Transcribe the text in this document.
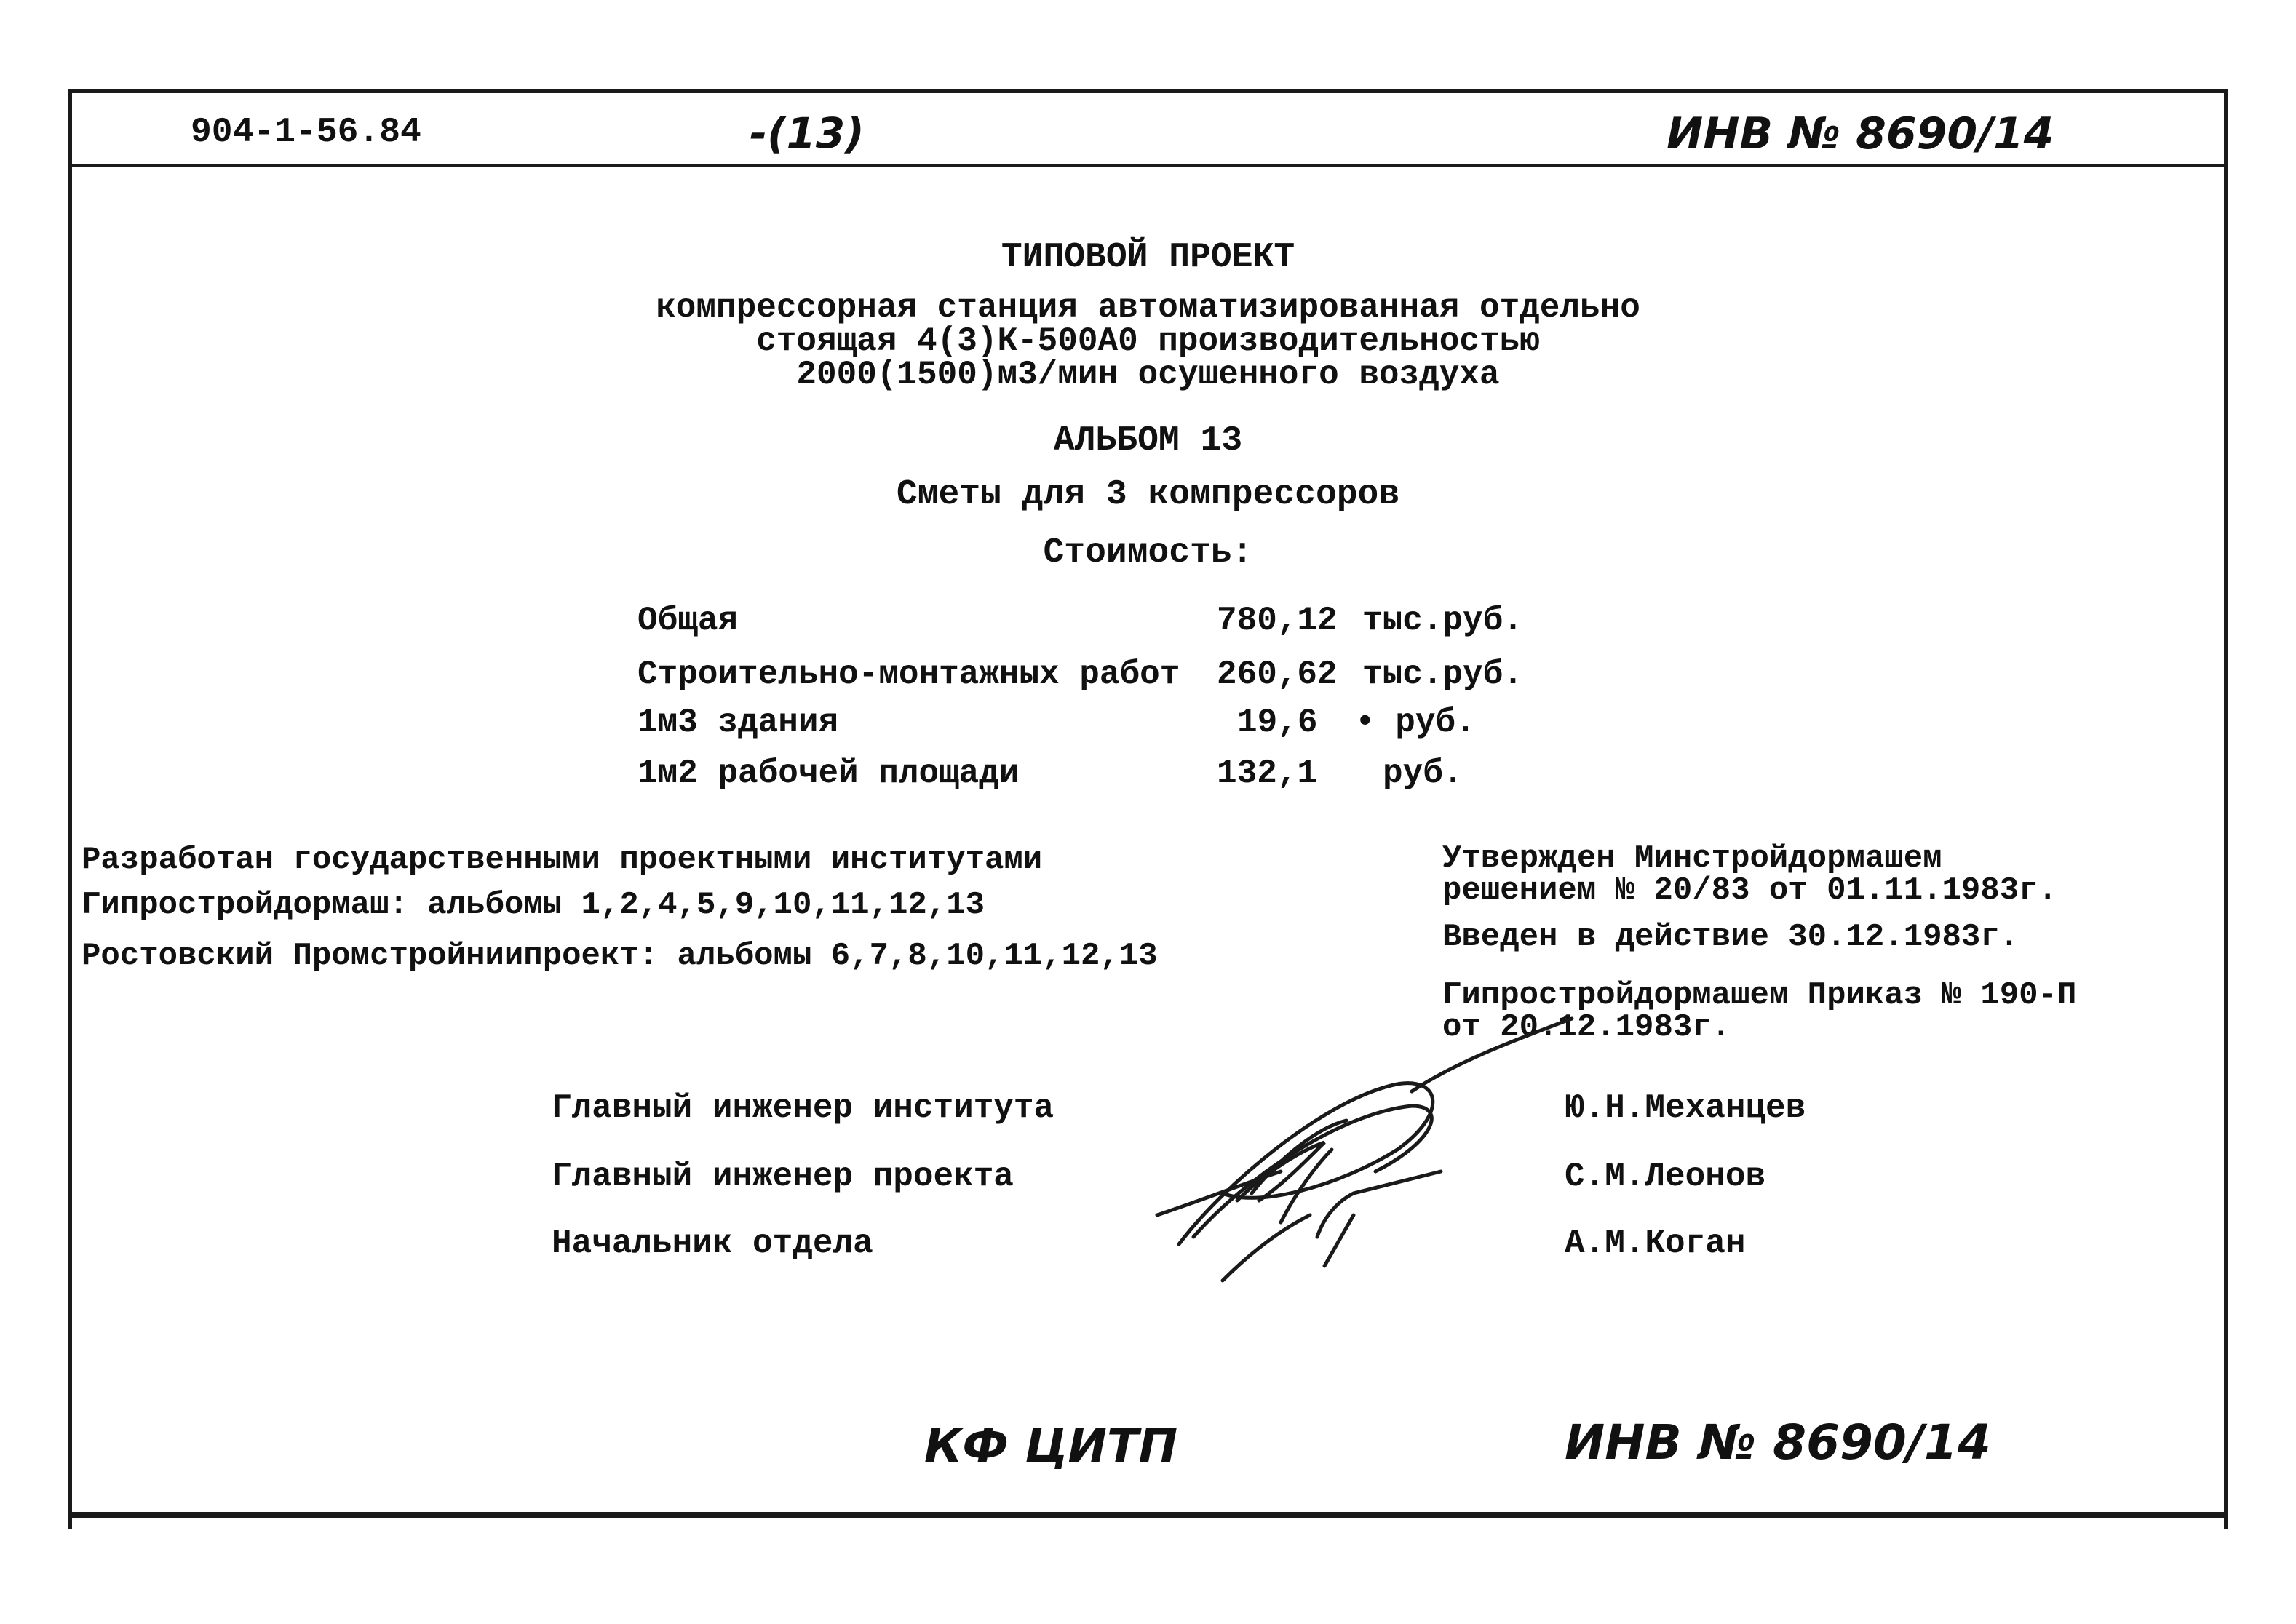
904-1-56.84	-(13)	ИНВ № 8690/14
ТИПОВОЙ ПРОЕКТ
компрессорная станция автоматизированная отдельно
стоящая 4(3)К-500А0 производительностью
2000(1500)м3/мин осушенного воздуха
АЛЬБОМ 13
Сметы для 3 компрессоров
Стоимость:
Общая	780,12 тыс.руб.
Строительно-монтажных работ 260,62 тыс.руб.
1м3 здания	19,6 • руб.
1м2 рабочей площади	132,1 руб.
Разработан государственными проектными институтами
Гипростройдормаш: альбомы 1,2,4,5,9,10,11,12,13
Ростовский Промстройниипроект: альбомы 6,7,8,10,11,12,13
Утвержден Минстройдормашем
решением № 20/83 от 01.11.1983г.
Введен в действие 30.12.1983г.
Гипростройдормашем Приказ № 190-П
от 20.12.1983г.
Главный инженер института	Ю.Н.Механцев
Главный инженер проекта	С.М.Леонов
Начальник отдела	А.М.Коган
КФ ЦИТП	ИНВ № 8690/14
